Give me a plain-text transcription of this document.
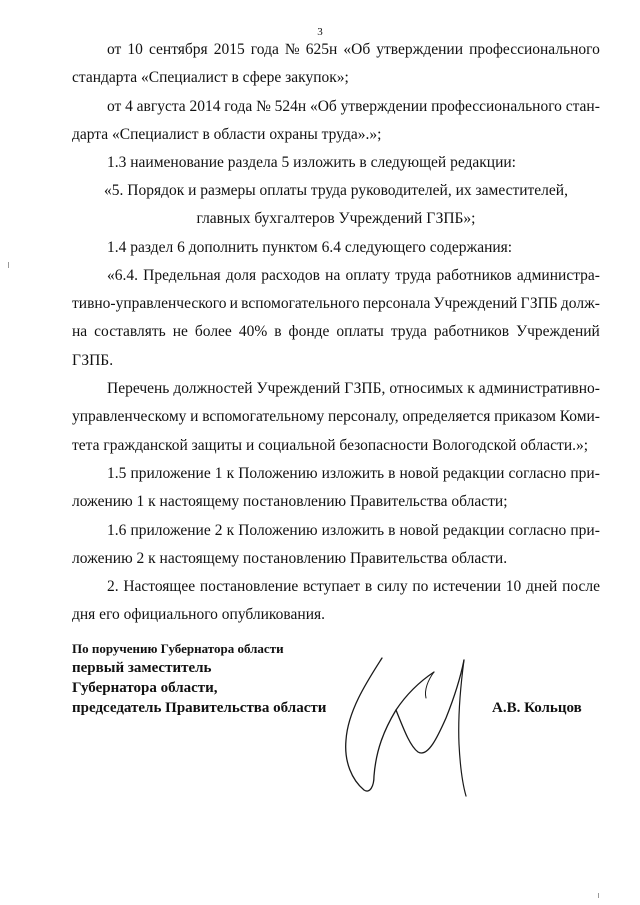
3
от 10 сентября 2015 года № 625н «Об утверждении профессионального
стандарта «Специалист в сфере закупок»;
от 4 августа 2014 года № 524н «Об утверждении профессионального стан-
дарта «Специалист в области охраны труда».»;
1.3 наименование раздела 5 изложить в следующей редакции:
«5. Порядок и размеры оплаты труда руководителей, их заместителей,
главных бухгалтеров Учреждений ГЗПБ»;
1.4 раздел 6 дополнить пунктом 6.4 следующего содержания:
«6.4. Предельная доля расходов на оплату труда работников администра-
тивно-управленческого и вспомогательного персонала Учреждений ГЗПБ долж-
на составлять не более 40% в фонде оплаты труда работников Учреждений
ГЗПБ.
Перечень должностей Учреждений ГЗПБ, относимых к административно-
управленческому и вспомогательному персоналу, определяется приказом Коми-
тета гражданской защиты и социальной безопасности Вологодской области.»;
1.5 приложение 1 к Положению изложить в новой редакции согласно при-
ложению 1 к настоящему постановлению Правительства области;
1.6 приложение 2 к Положению изложить в новой редакции согласно при-
ложению 2 к настоящему постановлению Правительства области.
2. Настоящее постановление вступает в силу по истечении 10 дней после
дня его официального опубликования.
По поручению Губернатора области
первый заместитель
Губернатора области,
председатель Правительства области	А.В. Кольцов
